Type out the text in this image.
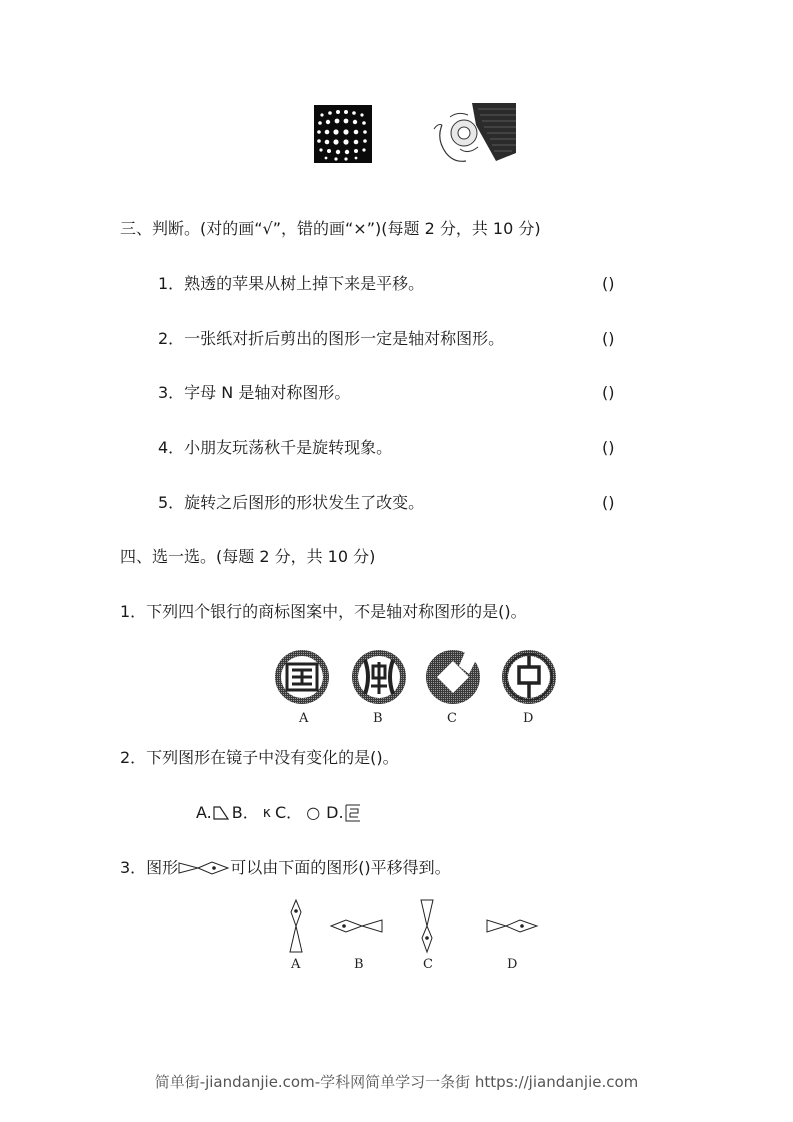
三、判断。(对的画“√”，错的画“×”)(每题 2 分，共 10 分)
1．熟透的苹果从树上掉下来是平移。	()
2．一张纸对折后剪出的图形一定是轴对称图形。	()
3．字母 N 是轴对称图形。	()
4．小朋友玩荡秋千是旋转现象。	()
5．旋转之后图形的形状发生了改变。	()
四、选一选。(每题 2 分，共 10 分)
1．下列四个银行的商标图案中，不是轴对称图形的是()。
A	B	C	D
2．下列图形在镜子中没有变化的是()。
A. B． κ C． ○ D.
3．图形	可以由下面的图形()平移得到。
A	B	C	D
简单街-jiandanjie.com-学科网简单学习一条街 https://jiandanjie.com
